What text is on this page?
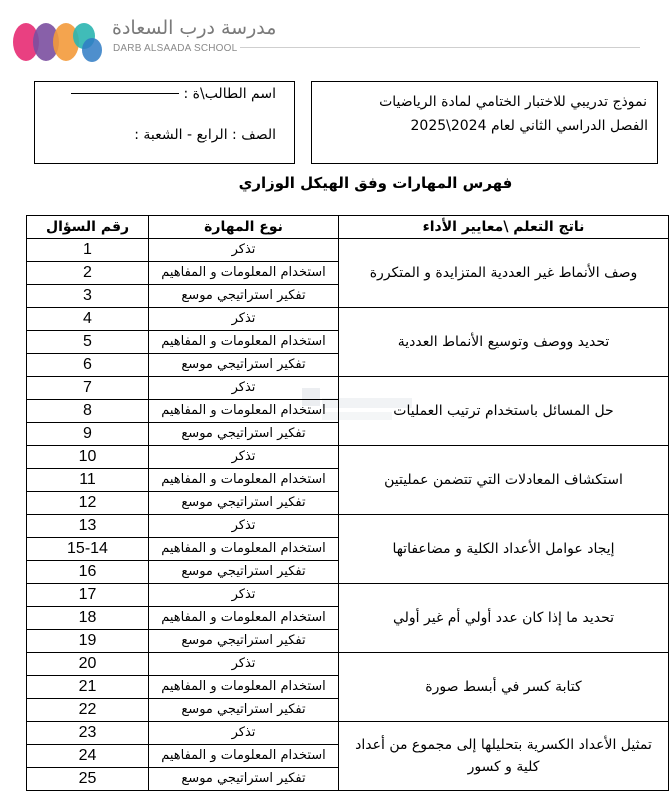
مدرسة درب السعادة
DARB ALSAADA SCHOOL
نموذج تدريبي للاختبار الختامي لمادة الرياضيات
الفصل الدراسي الثاني لعام 2024\2025
اسم الطالب\ة :
الصف : الرابع - الشعبة :
فهرس المهارات وفق الهيكل الوزاري
ناتج التعلم \معايير الأداء	نوع المهارة	رقم السؤال
وصف الأنماط غير العددية المتزايدة و المتكررة	تذكر	1
	استخدام المعلومات و المفاهيم	2
	تفكير استراتيجي موسع	3
تحديد ووصف وتوسيع الأنماط العددية	تذكر	4
	استخدام المعلومات و المفاهيم	5
	تفكير استراتيجي موسع	6
حل المسائل باستخدام ترتيب العمليات	تذكر	7
	استخدام المعلومات و المفاهيم	8
	تفكير استراتيجي موسع	9
استكشاف المعادلات التي تتضمن عمليتين	تذكر	10
	استخدام المعلومات و المفاهيم	11
	تفكير استراتيجي موسع	12
إيجاد عوامل الأعداد الكلية و مضاعفاتها	تذكر	13
	استخدام المعلومات و المفاهيم	15-14
	تفكير استراتيجي موسع	16
تحديد ما إذا كان عدد أولي أم غير أولي	تذكر	17
	استخدام المعلومات و المفاهيم	18
	تفكير استراتيجي موسع	19
كتابة كسر في أبسط صورة	تذكر	20
	استخدام المعلومات و المفاهيم	21
	تفكير استراتيجي موسع	22
تمثيل الأعداد الكسرية بتحليلها إلى مجموع من أعداد كلية و كسور	تذكر	23
	استخدام المعلومات و المفاهيم	24
	تفكير استراتيجي موسع	25
